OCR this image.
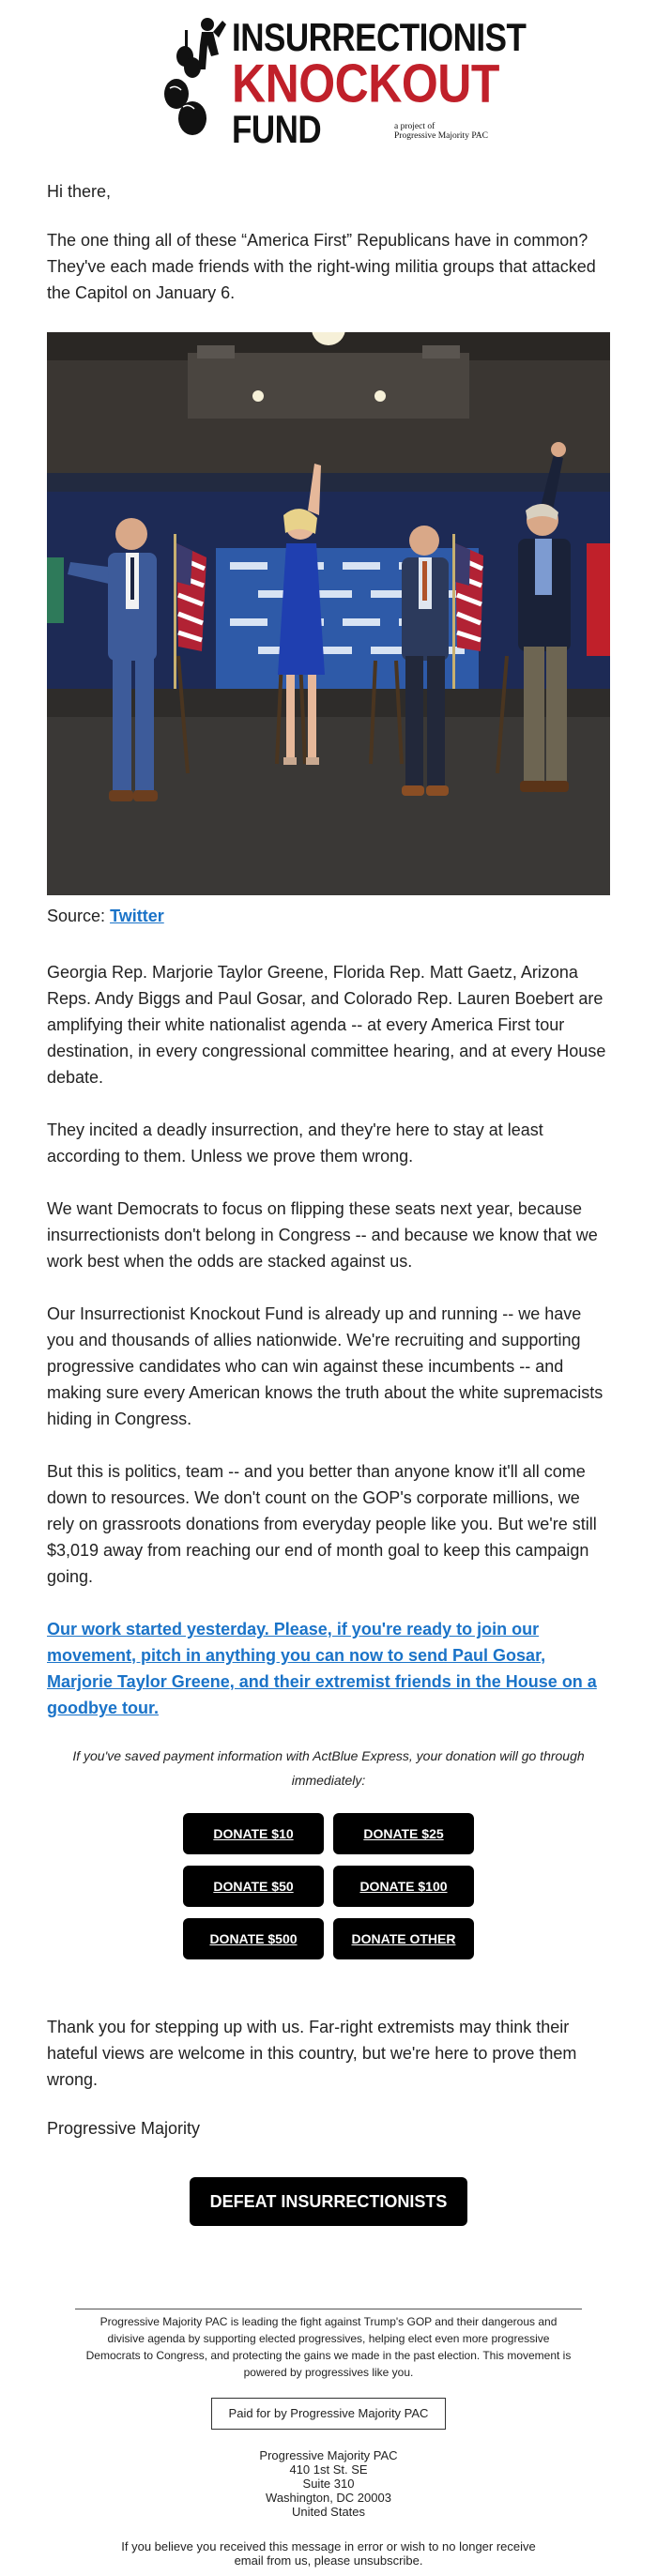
INSURRECTIONIST
KNOCKOUT
FUND	a project of
Progressive Majority PAC

Hi there,

The one thing all of these “America First” Republicans have in common? They've each made friends with the right-wing militia groups that attacked the Capitol on January 6.

Source: Twitter

Georgia Rep. Marjorie Taylor Greene, Florida Rep. Matt Gaetz, Arizona Reps. Andy Biggs and Paul Gosar, and Colorado Rep. Lauren Boebert are amplifying their white nationalist agenda -- at every America First tour destination, in every congressional committee hearing, and at every House debate.

They incited a deadly insurrection, and they're here to stay at least according to them. Unless we prove them wrong.

We want Democrats to focus on flipping these seats next year, because insurrectionists don't belong in Congress -- and because we know that we work best when the odds are stacked against us.

Our Insurrectionist Knockout Fund is already up and running -- we have you and thousands of allies nationwide. We're recruiting and supporting progressive candidates who can win against these incumbents -- and making sure every American knows the truth about the white supremacists hiding in Congress.

But this is politics, team -- and you better than anyone know it'll all come down to resources. We don't count on the GOP's corporate millions, we rely on grassroots donations from everyday people like you. But we're still $3,019 away from reaching our end of month goal to keep this campaign going.

Our work started yesterday. Please, if you're ready to join our movement, pitch in anything you can now to send Paul Gosar, Marjorie Taylor Greene, and their extremist friends in the House on a goodbye tour.

If you've saved payment information with ActBlue Express, your donation will go through immediately:

DONATE $10	DONATE $25
DONATE $50	DONATE $100
DONATE $500	DONATE OTHER

Thank you for stepping up with us. Far-right extremists may think their hateful views are welcome in this country, but we're here to prove them wrong.

Progressive Majority

DEFEAT INSURRECTIONISTS

Progressive Majority PAC is leading the fight against Trump's GOP and their dangerous and divisive agenda by supporting elected progressives, helping elect even more progressive Democrats to Congress, and protecting the gains we made in the past election. This movement is powered by progressives like you.

Paid for by Progressive Majority PAC
Progressive Majority PAC
410 1st St. SE
Suite 310
Washington, DC 20003
United States

If you believe you received this message in error or wish to no longer receive email from us, please unsubscribe.
